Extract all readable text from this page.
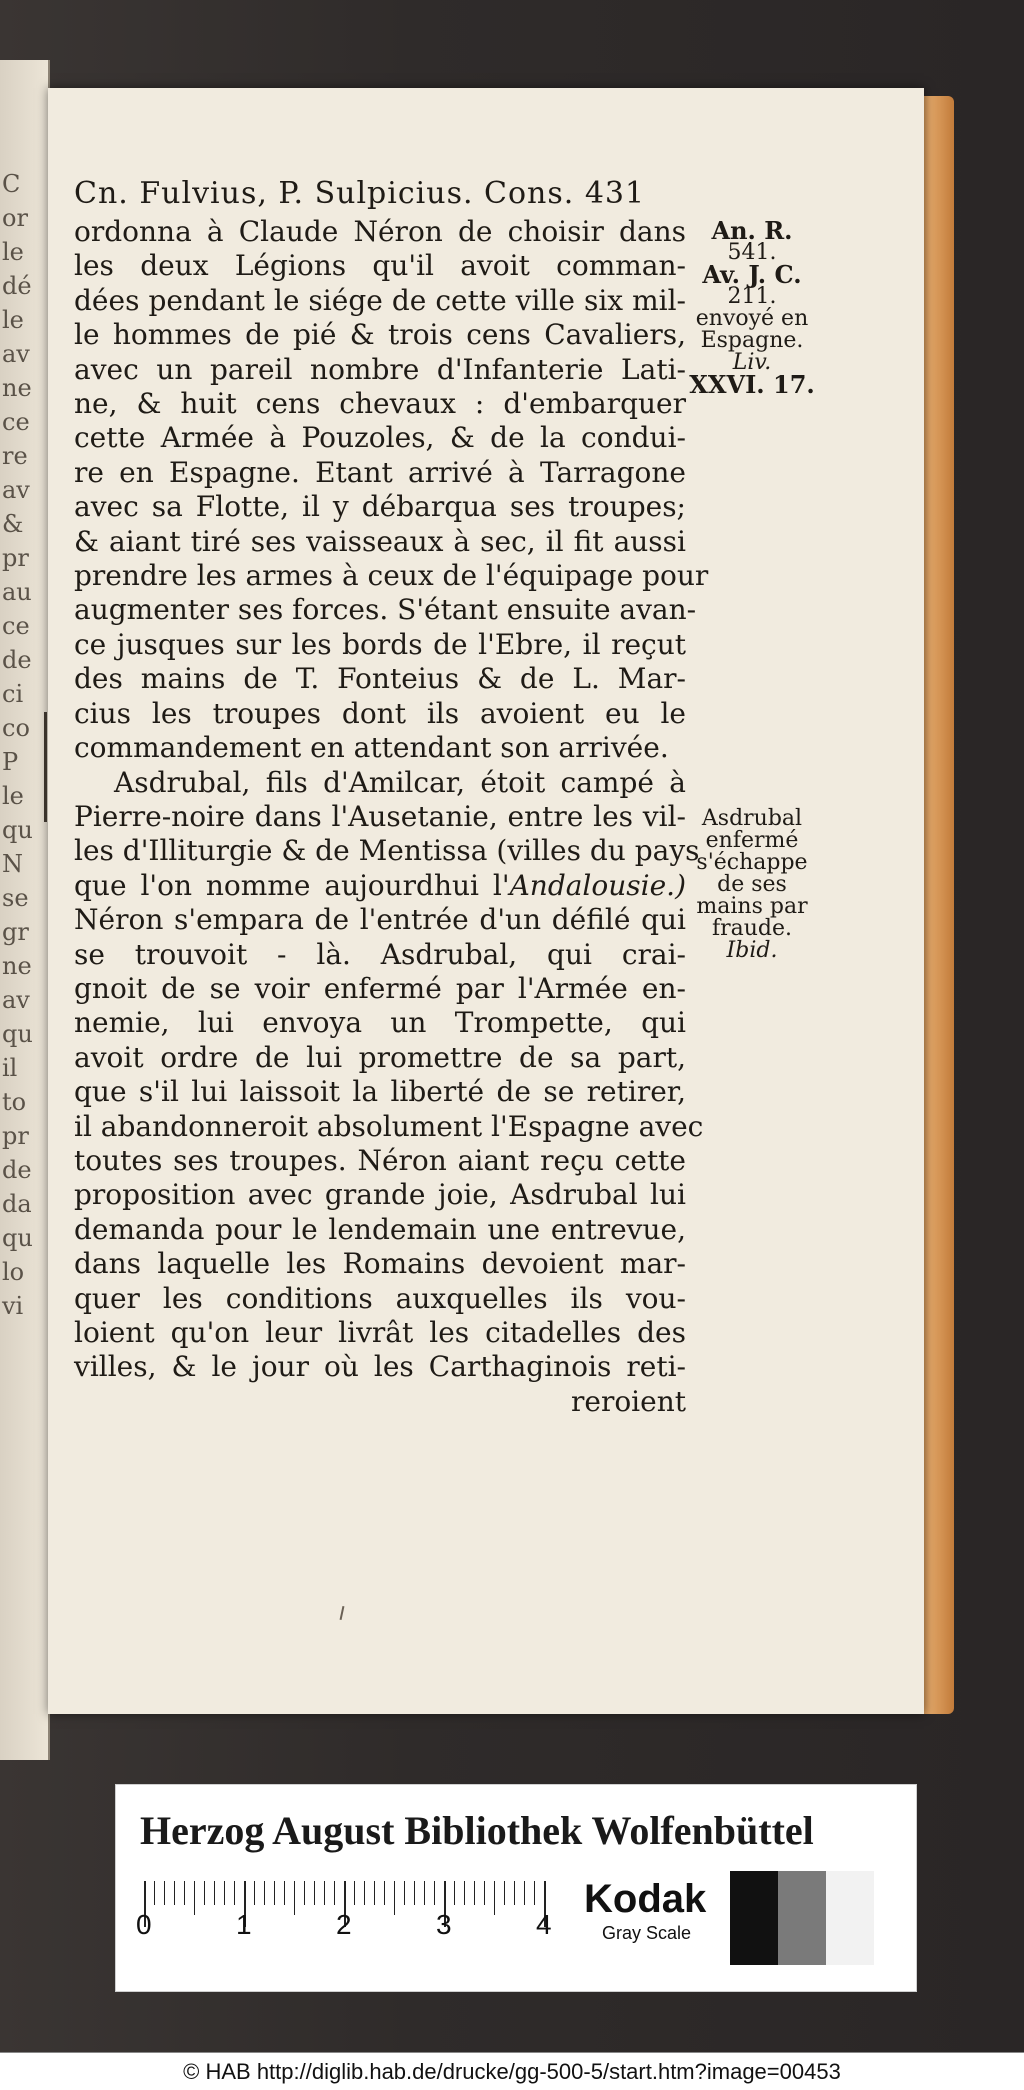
C
or
le
dé
le
av
ne
ce
re
av
&
pr
au
ce
de
ci
co
P
le
qu
N
se
gr
ne
av
qu
il
to
pr
de
da
qu
lo
vi
Cn. Fulvius, P. Sulpicius. Cons. 431
ordonna à Claude Néron de choisir dans
les deux Légions qu'il avoit comman-
dées pendant le siége de cette ville six mil-
le hommes de pié & trois cens Cavaliers,
avec un pareil nombre d'Infanterie Lati-
ne, & huit cens chevaux : d'embarquer
cette Armée à Pouzoles, & de la condui-
re en Espagne. Etant arrivé à Tarragone
avec sa Flotte, il y débarqua ses troupes;
& aiant tiré ses vaisseaux à sec, il fit aussi
prendre les armes à ceux de l'équipage pour
augmenter ses forces. S'étant ensuite avan-
ce jusques sur les bords de l'Ebre, il reçut
des mains de T. Fonteius & de L. Mar-
cius les troupes dont ils avoient eu le
commandement en attendant son arrivée.
Asdrubal, fils d'Amilcar, étoit campé à
Pierre-noire dans l'Ausetanie, entre les vil-
les d'Illiturgie & de Mentissa (villes du pays
que l'on nomme aujourdhui l'Andalousie.)
Néron s'empara de l'entrée d'un défilé qui
se trouvoit - là. Asdrubal, qui crai-
gnoit de se voir enfermé par l'Armée en-
nemie, lui envoya un Trompette, qui
avoit ordre de lui promettre de sa part,
que s'il lui laissoit la liberté de se retirer,
il abandonneroit absolument l'Espagne avec
toutes ses troupes. Néron aiant reçu cette
proposition avec grande joie, Asdrubal lui
demanda pour le lendemain une entrevue,
dans laquelle les Romains devoient mar-
quer les conditions auxquelles ils vou-
loient qu'on leur livrât les citadelles des
villes, & le jour où les Carthaginois reti-
reroient
An. R.
541.
Av. J. C.
211.
envoyé en
Espagne.
Liv.
XXVI. 17.
Asdrubal
enfermé
s'échappe
de ses
mains par
fraude.
Ibid.
Herzog August Bibliothek Wolfenbüttel
0	1	2	3	4
Kodak
Gray Scale
© HAB http://diglib.hab.de/drucke/gg-500-5/start.htm?image=00453
